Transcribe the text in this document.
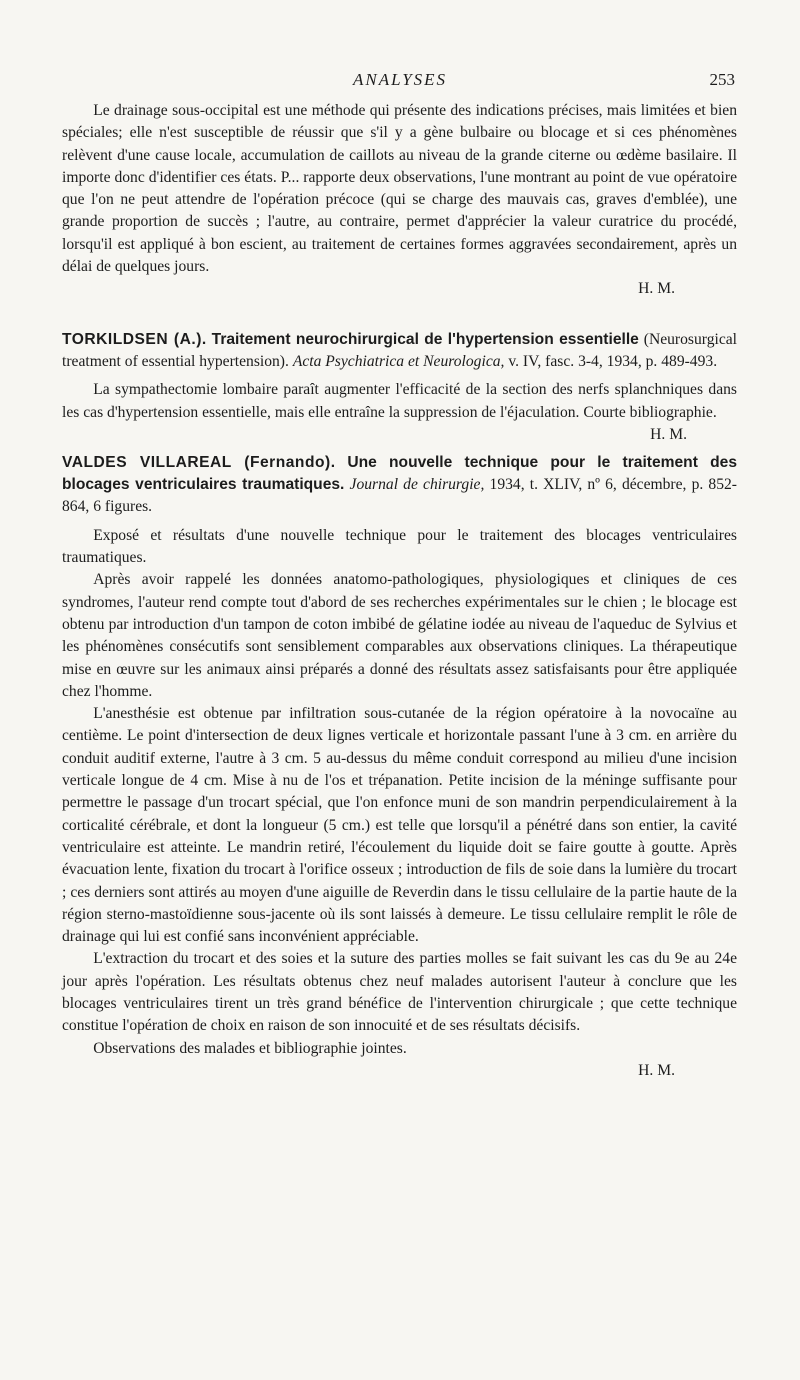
ANALYSES	253

Le drainage sous-occipital est une méthode qui présente des indications précises, mais limitées et bien spéciales; elle n'est susceptible de réussir que s'il y a gène bulbaire ou blocage et si ces phénomènes relèvent d'une cause locale, accumulation de caillots au niveau de la grande citerne ou œdème basilaire. Il importe donc d'identifier ces états. P... rapporte deux observations, l'une montrant au point de vue opératoire que l'on ne peut attendre de l'opération précoce (qui se charge des mauvais cas, graves d'emblée), une grande proportion de succès ; l'autre, au contraire, permet d'apprécier la valeur curatrice du procédé, lorsqu'il est appliqué à bon escient, au traitement de certaines formes aggravées secondairement, après un délai de quelques jours.

H. M.

TORKILDSEN (A.). Traitement neurochirurgical de l'hypertension essentielle (Neurosurgical treatment of essential hypertension). Acta Psychiatrica et Neurologica, v. IV, fasc. 3-4, 1934, p. 489-493.

La sympathectomie lombaire paraît augmenter l'efficacité de la section des nerfs splanchniques dans les cas d'hypertension essentielle, mais elle entraîne la suppression de l'éjaculation. Courte bibliographie.
H. M.

VALDES VILLAREAL (Fernando). Une nouvelle technique pour le traitement des blocages ventriculaires traumatiques. Journal de chirurgie, 1934, t. XLIV, nº 6, décembre, p. 852-864, 6 figures.

Exposé et résultats d'une nouvelle technique pour le traitement des blocages ventriculaires traumatiques.

Après avoir rappelé les données anatomo-pathologiques, physiologiques et cliniques de ces syndromes, l'auteur rend compte tout d'abord de ses recherches expérimentales sur le chien ; le blocage est obtenu par introduction d'un tampon de coton imbibé de gélatine iodée au niveau de l'aqueduc de Sylvius et les phénomènes consécutifs sont sensiblement comparables aux observations cliniques. La thérapeutique mise en œuvre sur les animaux ainsi préparés a donné des résultats assez satisfaisants pour être appliquée chez l'homme.

L'anesthésie est obtenue par infiltration sous-cutanée de la région opératoire à la novocaïne au centième. Le point d'intersection de deux lignes verticale et horizontale passant l'une à 3 cm. en arrière du conduit auditif externe, l'autre à 3 cm. 5 au-dessus du même conduit correspond au milieu d'une incision verticale longue de 4 cm. Mise à nu de l'os et trépanation. Petite incision de la méninge suffisante pour permettre le passage d'un trocart spécial, que l'on enfonce muni de son mandrin perpendiculairement à la corticalité cérébrale, et dont la longueur (5 cm.) est telle que lorsqu'il a pénétré dans son entier, la cavité ventriculaire est atteinte. Le mandrin retiré, l'écoulement du liquide doit se faire goutte à goutte. Après évacuation lente, fixation du trocart à l'orifice osseux ; introduction de fils de soie dans la lumière du trocart ; ces derniers sont attirés au moyen d'une aiguille de Reverdin dans le tissu cellulaire de la partie haute de la région sterno-mastoïdienne sous-jacente où ils sont laissés à demeure. Le tissu cellulaire remplit le rôle de drainage qui lui est confié sans inconvénient appréciable.

L'extraction du trocart et des soies et la suture des parties molles se fait suivant les cas du 9e au 24e jour après l'opération. Les résultats obtenus chez neuf malades autorisent l'auteur à conclure que les blocages ventriculaires tirent un très grand bénéfice de l'intervention chirurgicale ; que cette technique constitue l'opération de choix en raison de son innocuité et de ses résultats décisifs.

Observations des malades et bibliographie jointes.

H. M.
